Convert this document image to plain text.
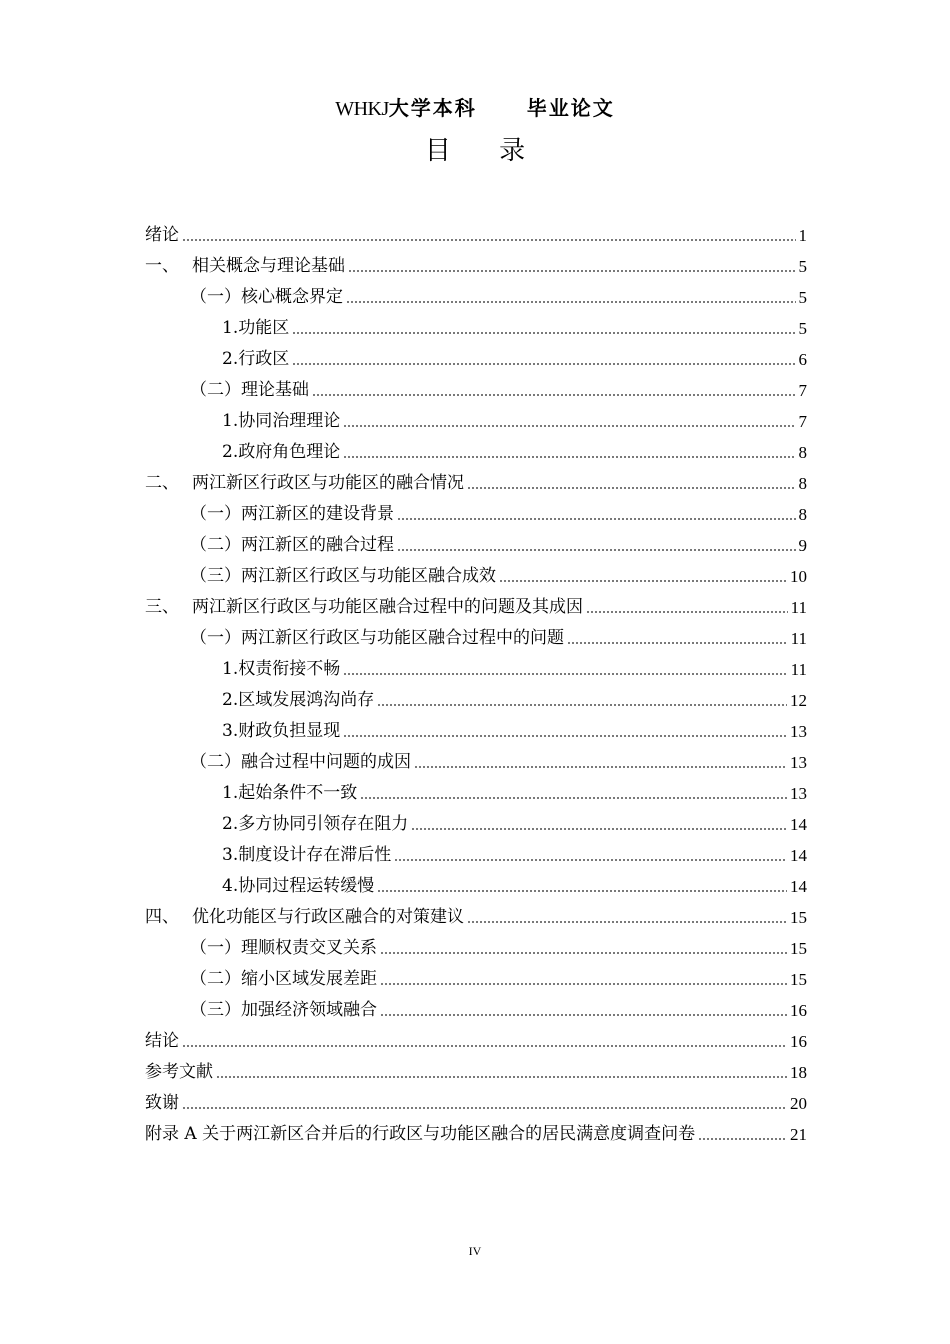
WHKJ大学本科	毕业论文
目 录
绪论	1
一、 相关概念与理论基础	5
（一） 核心概念界定	5
1. 功能区	5
2. 行政区	6
（二） 理论基础	7
1. 协同治理理论	7
2. 政府角色理论	8
二、 两江新区行政区与功能区的融合情况	8
（一） 两江新区的建设背景	8
（二） 两江新区的融合过程	9
（三） 两江新区行政区与功能区融合成效	10
三、 两江新区行政区与功能区融合过程中的问题及其成因	11
（一） 两江新区行政区与功能区融合过程中的问题	11
1. 权责衔接不畅	11
2. 区域发展鸿沟尚存	12
3. 财政负担显现	13
（二） 融合过程中问题的成因	13
1. 起始条件不一致	13
2. 多方协同引领存在阻力	14
3. 制度设计存在滞后性	14
4. 协同过程运转缓慢	14
四、 优化功能区与行政区融合的对策建议	15
（一） 理顺权责交叉关系	15
（二） 缩小区域发展差距	15
（三） 加强经济领域融合	16
结论	16
参考文献	18
致谢	20
附录 A 关于两江新区合并后的行政区与功能区融合的居民满意度调查问卷	21
IV
